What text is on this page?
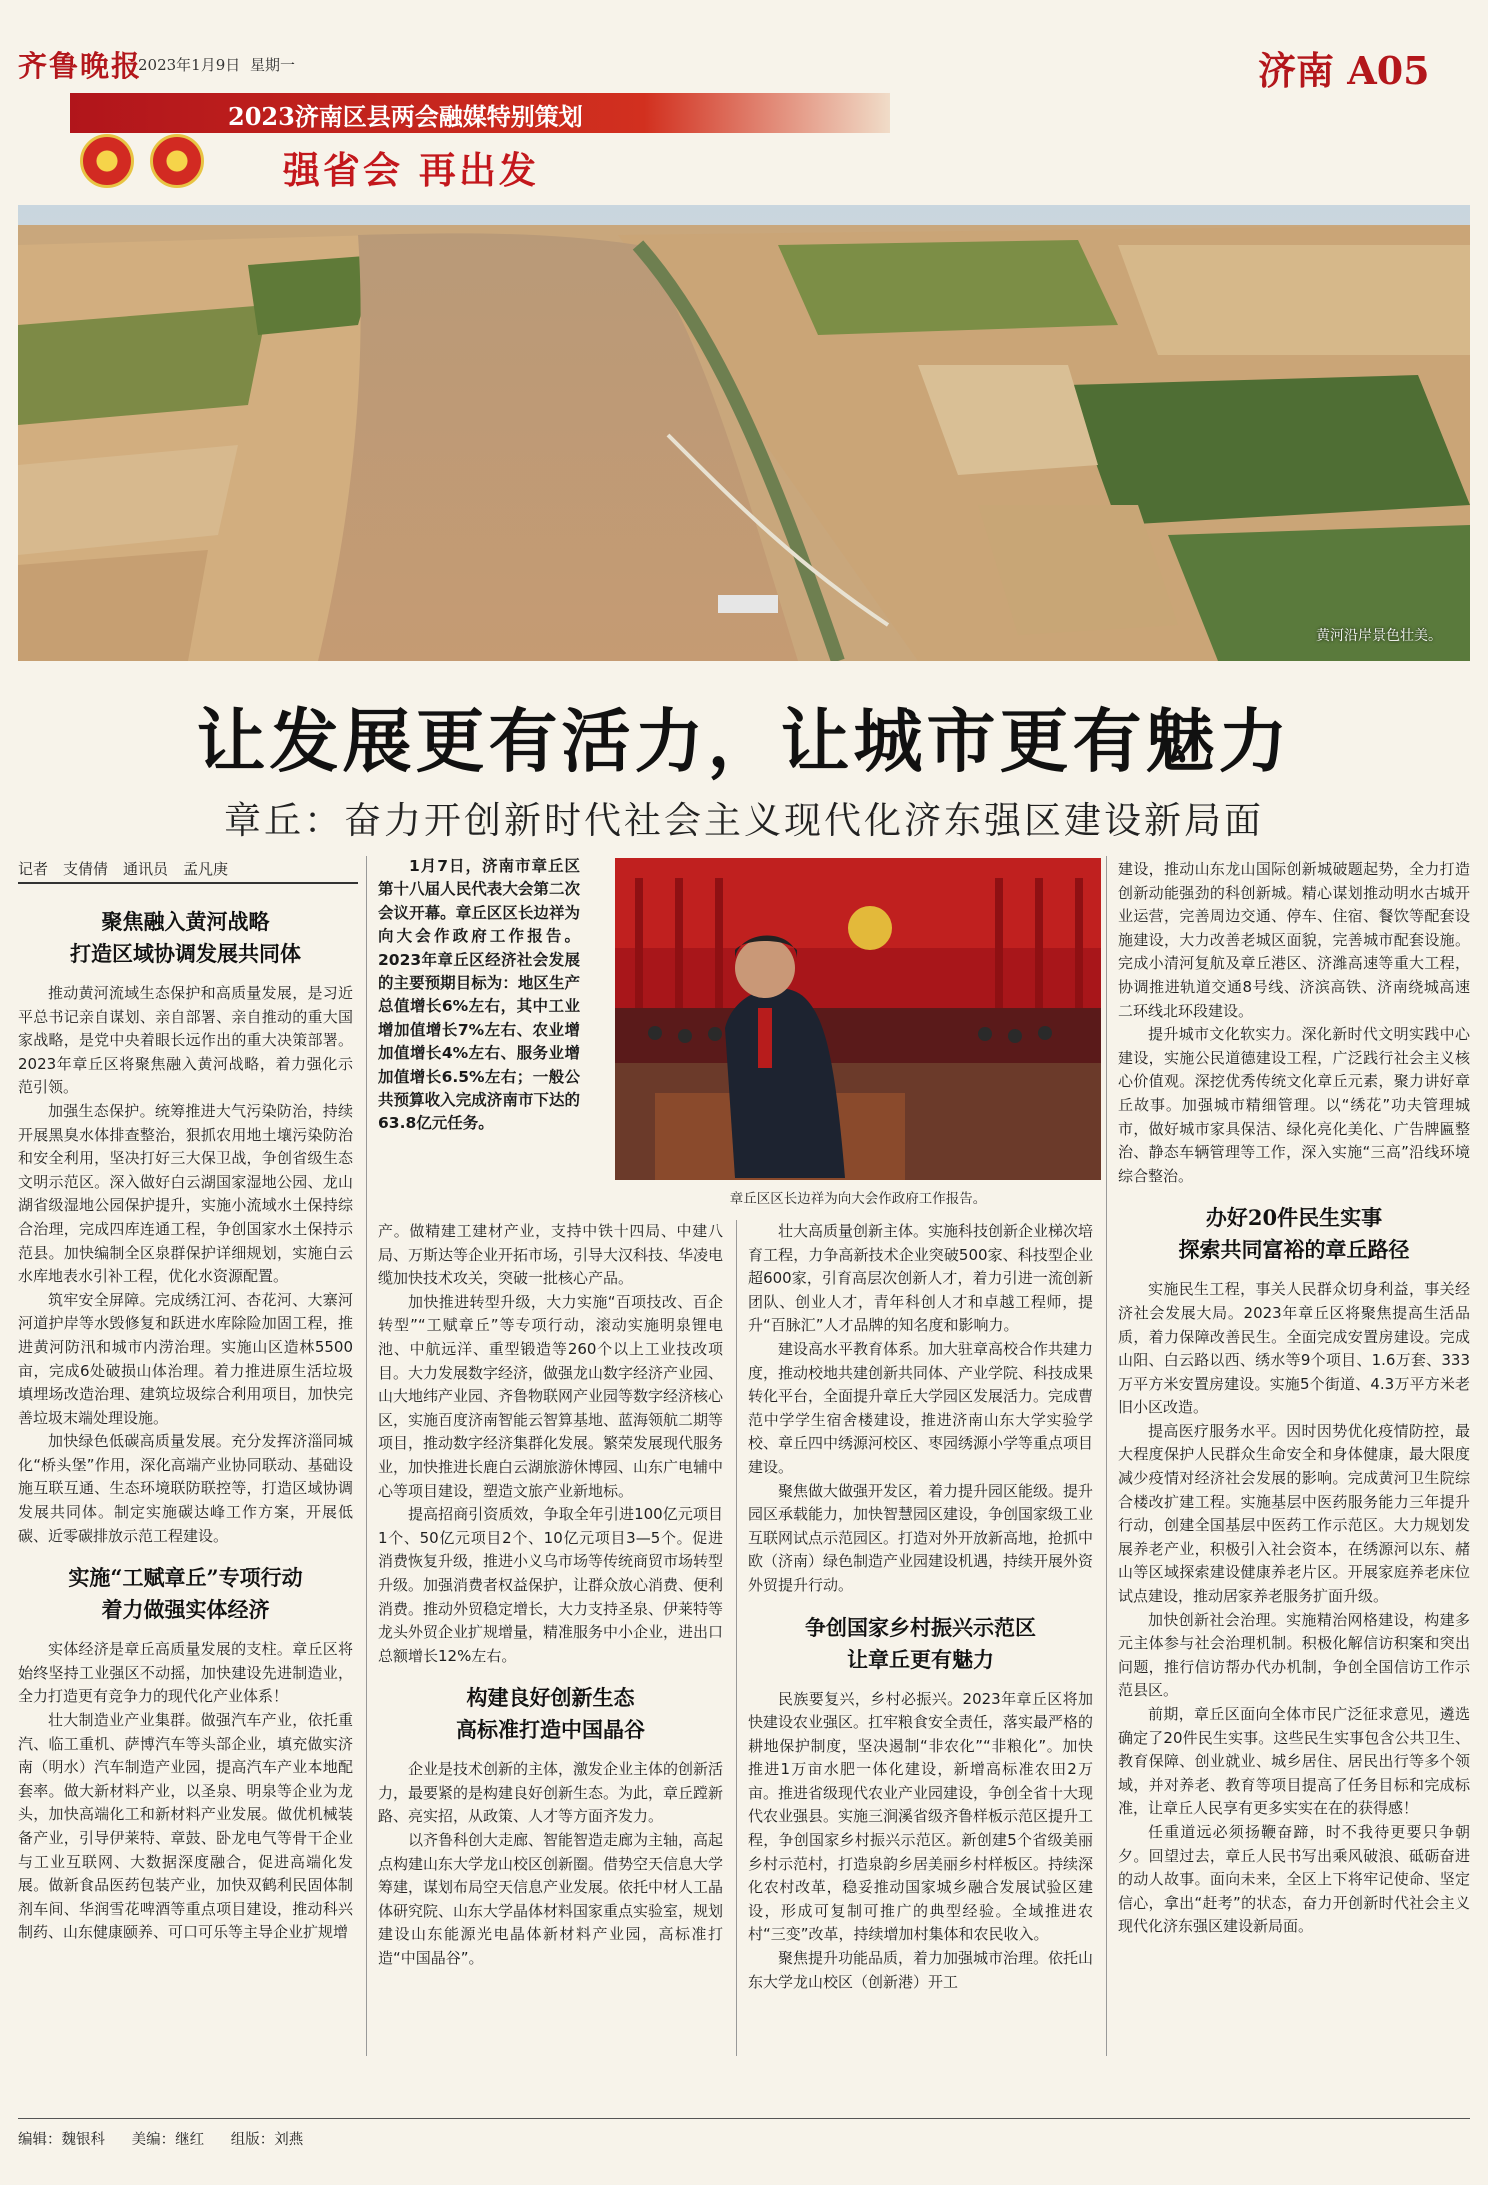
齐鲁晚报
2023年1月9日 星期一	济南 A05
2023济南区县两会融媒特别策划
强省会 再出发
黄河沿岸景色壮美。
让发展更有活力，让城市更有魅力
章丘：奋力开创新时代社会主义现代化济东强区建设新局面
记者　支倩倩　通讯员　孟凡庚
聚焦融入黄河战略
打造区域协调发展共同体

推动黄河流域生态保护和高质量发展，是习近平总书记亲自谋划、亲自部署、亲自推动的重大国家战略，是党中央着眼长远作出的重大决策部署。2023年章丘区将聚焦融入黄河战略，着力强化示范引领。

加强生态保护。统筹推进大气污染防治，持续开展黑臭水体排查整治，狠抓农用地土壤污染防治和安全利用，坚决打好三大保卫战，争创省级生态文明示范区。深入做好白云湖国家湿地公园、龙山湖省级湿地公园保护提升，实施小流域水土保持综合治理，完成四库连通工程，争创国家水土保持示范县。加快编制全区泉群保护详细规划，实施白云水库地表水引补工程，优化水资源配置。

筑牢安全屏障。完成绣江河、杏花河、大寨河河道护岸等水毁修复和跃进水库除险加固工程，推进黄河防汛和城市内涝治理。实施山区造林5500亩，完成6处破损山体治理。着力推进原生活垃圾填埋场改造治理、建筑垃圾综合利用项目，加快完善垃圾末端处理设施。

加快绿色低碳高质量发展。充分发挥济淄同城化“桥头堡”作用，深化高端产业协同联动、基础设施互联互通、生态环境联防联控等，打造区域协调发展共同体。制定实施碳达峰工作方案，开展低碳、近零碳排放示范工程建设。

实施“工赋章丘”专项行动
着力做强实体经济

实体经济是章丘高质量发展的支柱。章丘区将始终坚持工业强区不动摇，加快建设先进制造业，全力打造更有竞争力的现代化产业体系！

壮大制造业产业集群。做强汽车产业，依托重汽、临工重机、萨博汽车等头部企业，填充做实济南（明水）汽车制造产业园，提高汽车产业本地配套率。做大新材料产业，以圣泉、明泉等企业为龙头，加快高端化工和新材料产业发展。做优机械装备产业，引导伊莱特、章鼓、卧龙电气等骨干企业与工业互联网、大数据深度融合，促进高端化发展。做新食品医药包装产业，加快双鹤利民固体制剂车间、华润雪花啤酒等重点项目建设，推动科兴制药、山东健康颐养、可口可乐等主导企业扩规增

1月7日，济南市章丘区第十八届人民代表大会第二次会议开幕。章丘区区长边祥为向大会作政府工作报告。2023年章丘区经济社会发展的主要预期目标为：地区生产总值增长6%左右，其中工业增加值增长7%左右、农业增加值增长4%左右、服务业增加值增长6.5%左右；一般公共预算收入完成济南市下达的63.8亿元任务。

章丘区区长边祥为向大会作政府工作报告。

产。做精建工建材产业，支持中铁十四局、中建八局、万斯达等企业开拓市场，引导大汉科技、华凌电缆加快技术攻关，突破一批核心产品。

加快推进转型升级，大力实施“百项技改、百企转型”“工赋章丘”等专项行动，滚动实施明泉锂电池、中航远洋、重型锻造等260个以上工业技改项目。大力发展数字经济，做强龙山数字经济产业园、山大地纬产业园、齐鲁物联网产业园等数字经济核心区，实施百度济南智能云智算基地、蓝海领航二期等项目，推动数字经济集群化发展。繁荣发展现代服务业，加快推进长鹿白云湖旅游休博园、山东广电辅中心等项目建设，塑造文旅产业新地标。

提高招商引资质效，争取全年引进100亿元项目1个、50亿元项目2个、10亿元项目3—5个。促进消费恢复升级，推进小义乌市场等传统商贸市场转型升级。加强消费者权益保护，让群众放心消费、便利消费。推动外贸稳定增长，大力支持圣泉、伊莱特等龙头外贸企业扩规增量，精准服务中小企业，进出口总额增长12%左右。

构建良好创新生态
高标准打造中国晶谷

企业是技术创新的主体，激发企业主体的创新活力，最要紧的是构建良好创新生态。为此，章丘蹚新路、亮实招，从政策、人才等方面齐发力。

以齐鲁科创大走廊、智能智造走廊为主轴，高起点构建山东大学龙山校区创新圈。借势空天信息大学筹建，谋划布局空天信息产业发展。依托中材人工晶体研究院、山东大学晶体材料国家重点实验室，规划建设山东能源光电晶体新材料产业园，高标准打造“中国晶谷”。

壮大高质量创新主体。实施科技创新企业梯次培育工程，力争高新技术企业突破500家、科技型企业超600家，引育高层次创新人才，着力引进一流创新团队、创业人才，青年科创人才和卓越工程师，提升“百脉汇”人才品牌的知名度和影响力。

建设高水平教育体系。加大驻章高校合作共建力度，推动校地共建创新共同体、产业学院、科技成果转化平台，全面提升章丘大学园区发展活力。完成曹范中学学生宿舍楼建设，推进济南山东大学实验学校、章丘四中绣源河校区、枣园绣源小学等重点项目建设。

聚焦做大做强开发区，着力提升园区能级。提升园区承载能力，加快智慧园区建设，争创国家级工业互联网试点示范园区。打造对外开放新高地，抢抓中欧（济南）绿色制造产业园建设机遇，持续开展外资外贸提升行动。

争创国家乡村振兴示范区
让章丘更有魅力

民族要复兴，乡村必振兴。2023年章丘区将加快建设农业强区。扛牢粮食安全责任，落实最严格的耕地保护制度，坚决遏制“非农化”“非粮化”。加快推进1万亩水肥一体化建设，新增高标准农田2万亩。推进省级现代农业产业园建设，争创全省十大现代农业强县。实施三涧溪省级齐鲁样板示范区提升工程，争创国家乡村振兴示范区。新创建5个省级美丽乡村示范村，打造泉韵乡居美丽乡村样板区。持续深化农村改革，稳妥推动国家城乡融合发展试验区建设，形成可复制可推广的典型经验。全域推进农村“三变”改革，持续增加村集体和农民收入。

聚焦提升功能品质，着力加强城市治理。依托山东大学龙山校区（创新港）开工

建设，推动山东龙山国际创新城破题起势，全力打造创新动能强劲的科创新城。精心谋划推动明水古城开业运营，完善周边交通、停车、住宿、餐饮等配套设施建设，大力改善老城区面貌，完善城市配套设施。完成小清河复航及章丘港区、济潍高速等重大工程，协调推进轨道交通8号线、济滨高铁、济南绕城高速二环线北环段建设。

提升城市文化软实力。深化新时代文明实践中心建设，实施公民道德建设工程，广泛践行社会主义核心价值观。深挖优秀传统文化章丘元素，聚力讲好章丘故事。加强城市精细管理。以“绣花”功夫管理城市，做好城市家具保洁、绿化亮化美化、广告牌匾整治、静态车辆管理等工作，深入实施“三高”沿线环境综合整治。

办好20件民生实事
探索共同富裕的章丘路径

实施民生工程，事关人民群众切身利益，事关经济社会发展大局。2023年章丘区将聚焦提高生活品质，着力保障改善民生。全面完成安置房建设。完成山阳、白云路以西、绣水等9个项目、1.6万套、333万平方米安置房建设。实施5个街道、4.3万平方米老旧小区改造。

提高医疗服务水平。因时因势优化疫情防控，最大程度保护人民群众生命安全和身体健康，最大限度减少疫情对经济社会发展的影响。完成黄河卫生院综合楼改扩建工程。实施基层中医药服务能力三年提升行动，创建全国基层中医药工作示范区。大力规划发展养老产业，积极引入社会资本，在绣源河以东、赭山等区域探索建设健康养老片区。开展家庭养老床位试点建设，推动居家养老服务扩面升级。

加快创新社会治理。实施精治网格建设，构建多元主体参与社会治理机制。积极化解信访积案和突出问题，推行信访帮办代办机制，争创全国信访工作示范县区。

前期，章丘区面向全体市民广泛征求意见，遴选确定了20件民生实事。这些民生实事包含公共卫生、教育保障、创业就业、城乡居住、居民出行等多个领域，并对养老、教育等项目提高了任务目标和完成标准，让章丘人民享有更多实实在在的获得感！

任重道远必须扬鞭奋蹄，时不我待更要只争朝夕。回望过去，章丘人民书写出乘风破浪、砥砺奋进的动人故事。面向未来，全区上下将牢记使命、坚定信心，拿出“赶考”的状态，奋力开创新时代社会主义现代化济东强区建设新局面。

编辑：魏银科 美编：继红 组版：刘燕
